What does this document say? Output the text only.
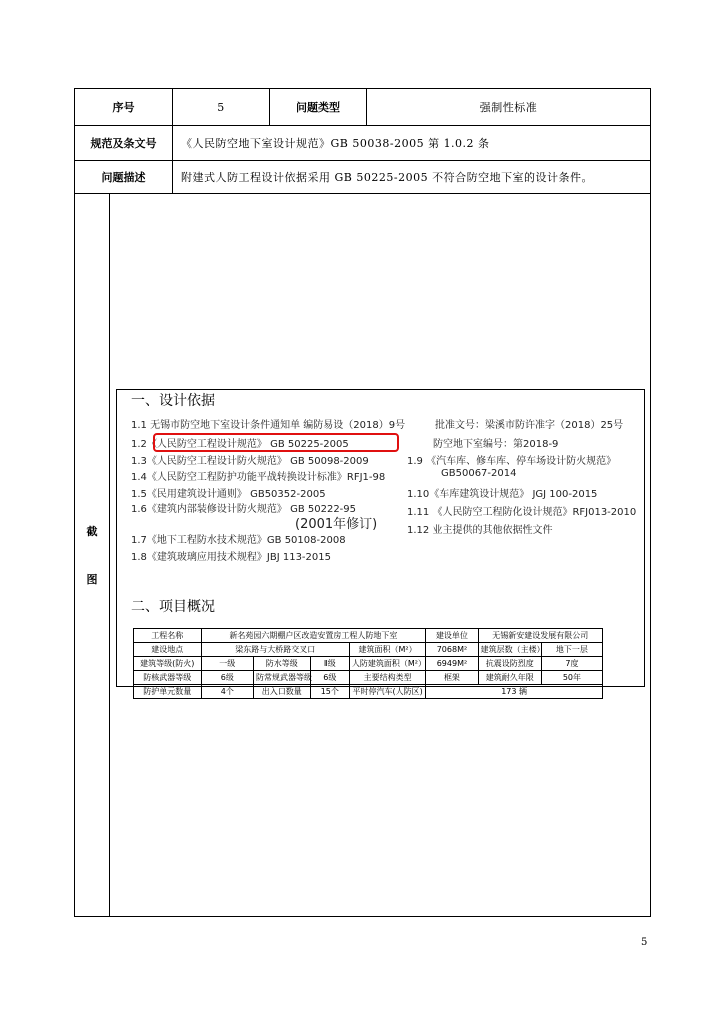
序号	5	问题类型	强制性标准
规范及条文号	《人民防空地下室设计规范》GB 50038-2005 第 1.0.2 条		
问题描述	附建式人防工程设计依据采用 GB 50225-2005 不符合防空地下室的设计条件。		

截
图			
一、设计依据
1.1 无锡市防空地下室设计条件通知单 编防易设（2018）9号
1.2《人民防空工程设计规范》 GB 50225-2005
1.3《人民防空工程设计防火规范》 GB 50098-2009
1.4《人民防空工程防护功能平战转换设计标准》RFJ1-98
1.5《民用建筑设计通则》 GB50352-2005
1.6《建筑内部装修设计防火规范》 GB 50222-95
(2001年修订)
1.7《地下工程防水技术规范》GB 50108-2008
1.8《建筑玻璃应用技术规程》JBJ 113-2015
批准文号：梁溪市防许准字（2018）25号
防空地下室编号：第2018-9
1.9 《汽车库、修车库、停车场设计防火规范》
GB50067-2014
1.10《车库建筑设计规范》 JGJ 100-2015
1.11 《人民防空工程防化设计规范》RFJ013-2010
1.12 业主提供的其他依据性文件
二、项目概况
工程名称	新名苑园六期棚户区改造安置房工程人防地下室				建设单位	无锡新安建设发展有限公司	
建设地点	梁东路与大桥路交叉口			建筑面积（M²）	7068M²	建筑层数（主楼）	地下一层
建筑等级(防火)	一级	防水等级	Ⅱ级	人防建筑面积（M²）	6949M²	抗震设防烈度	7度
防核武器等级	6级	防常规武器等级	6级	主要结构类型	框架	建筑耐久年限	50年
防护单元数量	4个	出入口数量	15个	平时停汽车(人防区)	173 辆		
5
